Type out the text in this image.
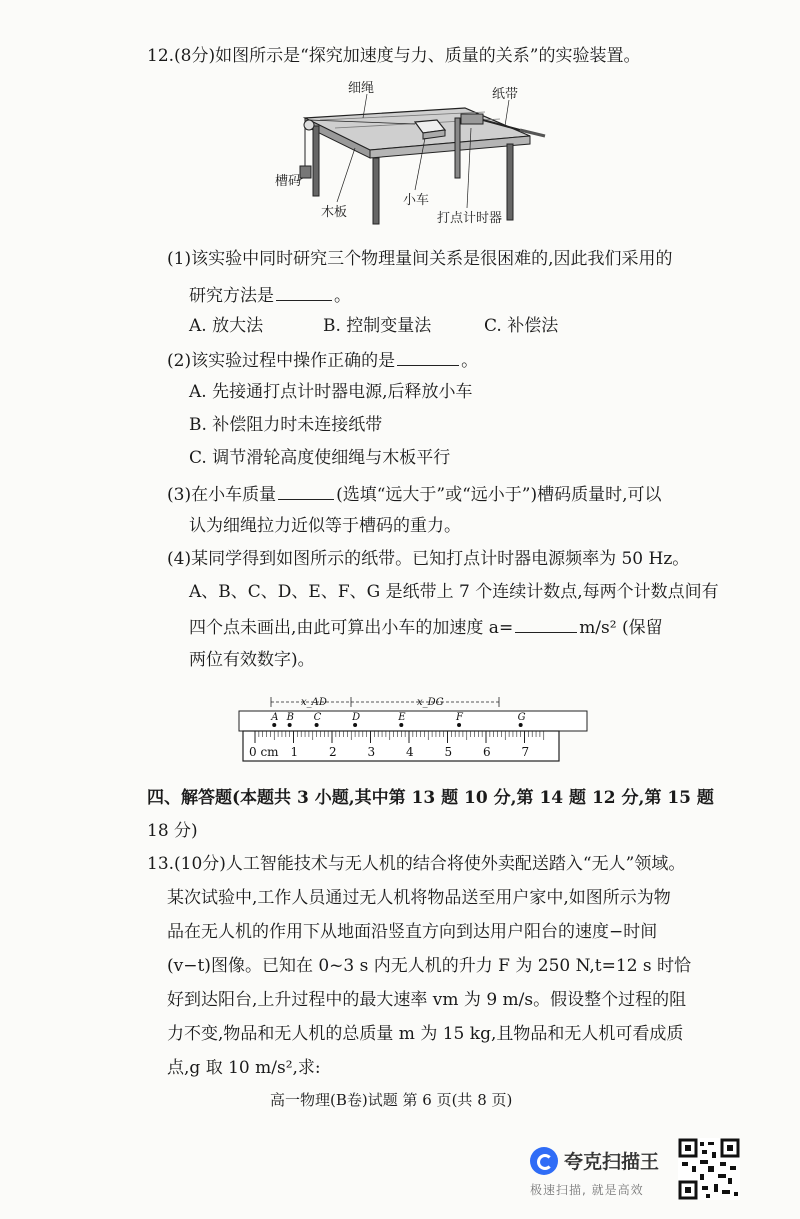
12.(8分)如图所示是“探究加速度与力、质量的关系”的实验装置。
细绳	纸带
槽码
小车
木板	打点计时器
(1)该实验中同时研究三个物理量间关系是很困难的,因此我们采用的
研究方法是	。
A. 放大法	B. 控制变量法	C. 补偿法
(2)该实验过程中操作正确的是	。
A. 先接通打点计时器电源,后释放小车
B. 补偿阻力时未连接纸带
C. 调节滑轮高度使细绳与木板平行
(3)在小车质量	(选填“远大于”或“远小于”)槽码质量时,可以
认为细绳拉力近似等于槽码的重力。
(4)某同学得到如图所示的纸带。已知打点计时器电源频率为 50 Hz。
A、B、C、D、E、F、G 是纸带上 7 个连续计数点,每两个计数点间有
四个点未画出,由此可算出小车的加速度 a=	m/s² (保留
两位有效数字)。
x_AD	x_DG
0 cm 1	2	3	4	5	6	7
A B C	D	E	F	G
四、解答题(本题共 3 小题,其中第 13 题 10 分,第 14 题 12 分,第 15 题
18 分)
13.(10分)人工智能技术与无人机的结合将使外卖配送踏入“无人”领域。
某次试验中,工作人员通过无人机将物品送至用户家中,如图所示为物
品在无人机的作用下从地面沿竖直方向到达用户阳台的速度−时间
(v−t)图像。已知在 0~3 s 内无人机的升力 F 为 250 N,t=12 s 时恰
好到达阳台,上升过程中的最大速率 vm 为 9 m/s。假设整个过程的阻
力不变,物品和无人机的总质量 m 为 15 kg,且物品和无人机可看成质
点,g 取 10 m/s²,求:
高一物理(B卷)试题 第 6 页(共 8 页)
夸克扫描王
极速扫描, 就是高效
